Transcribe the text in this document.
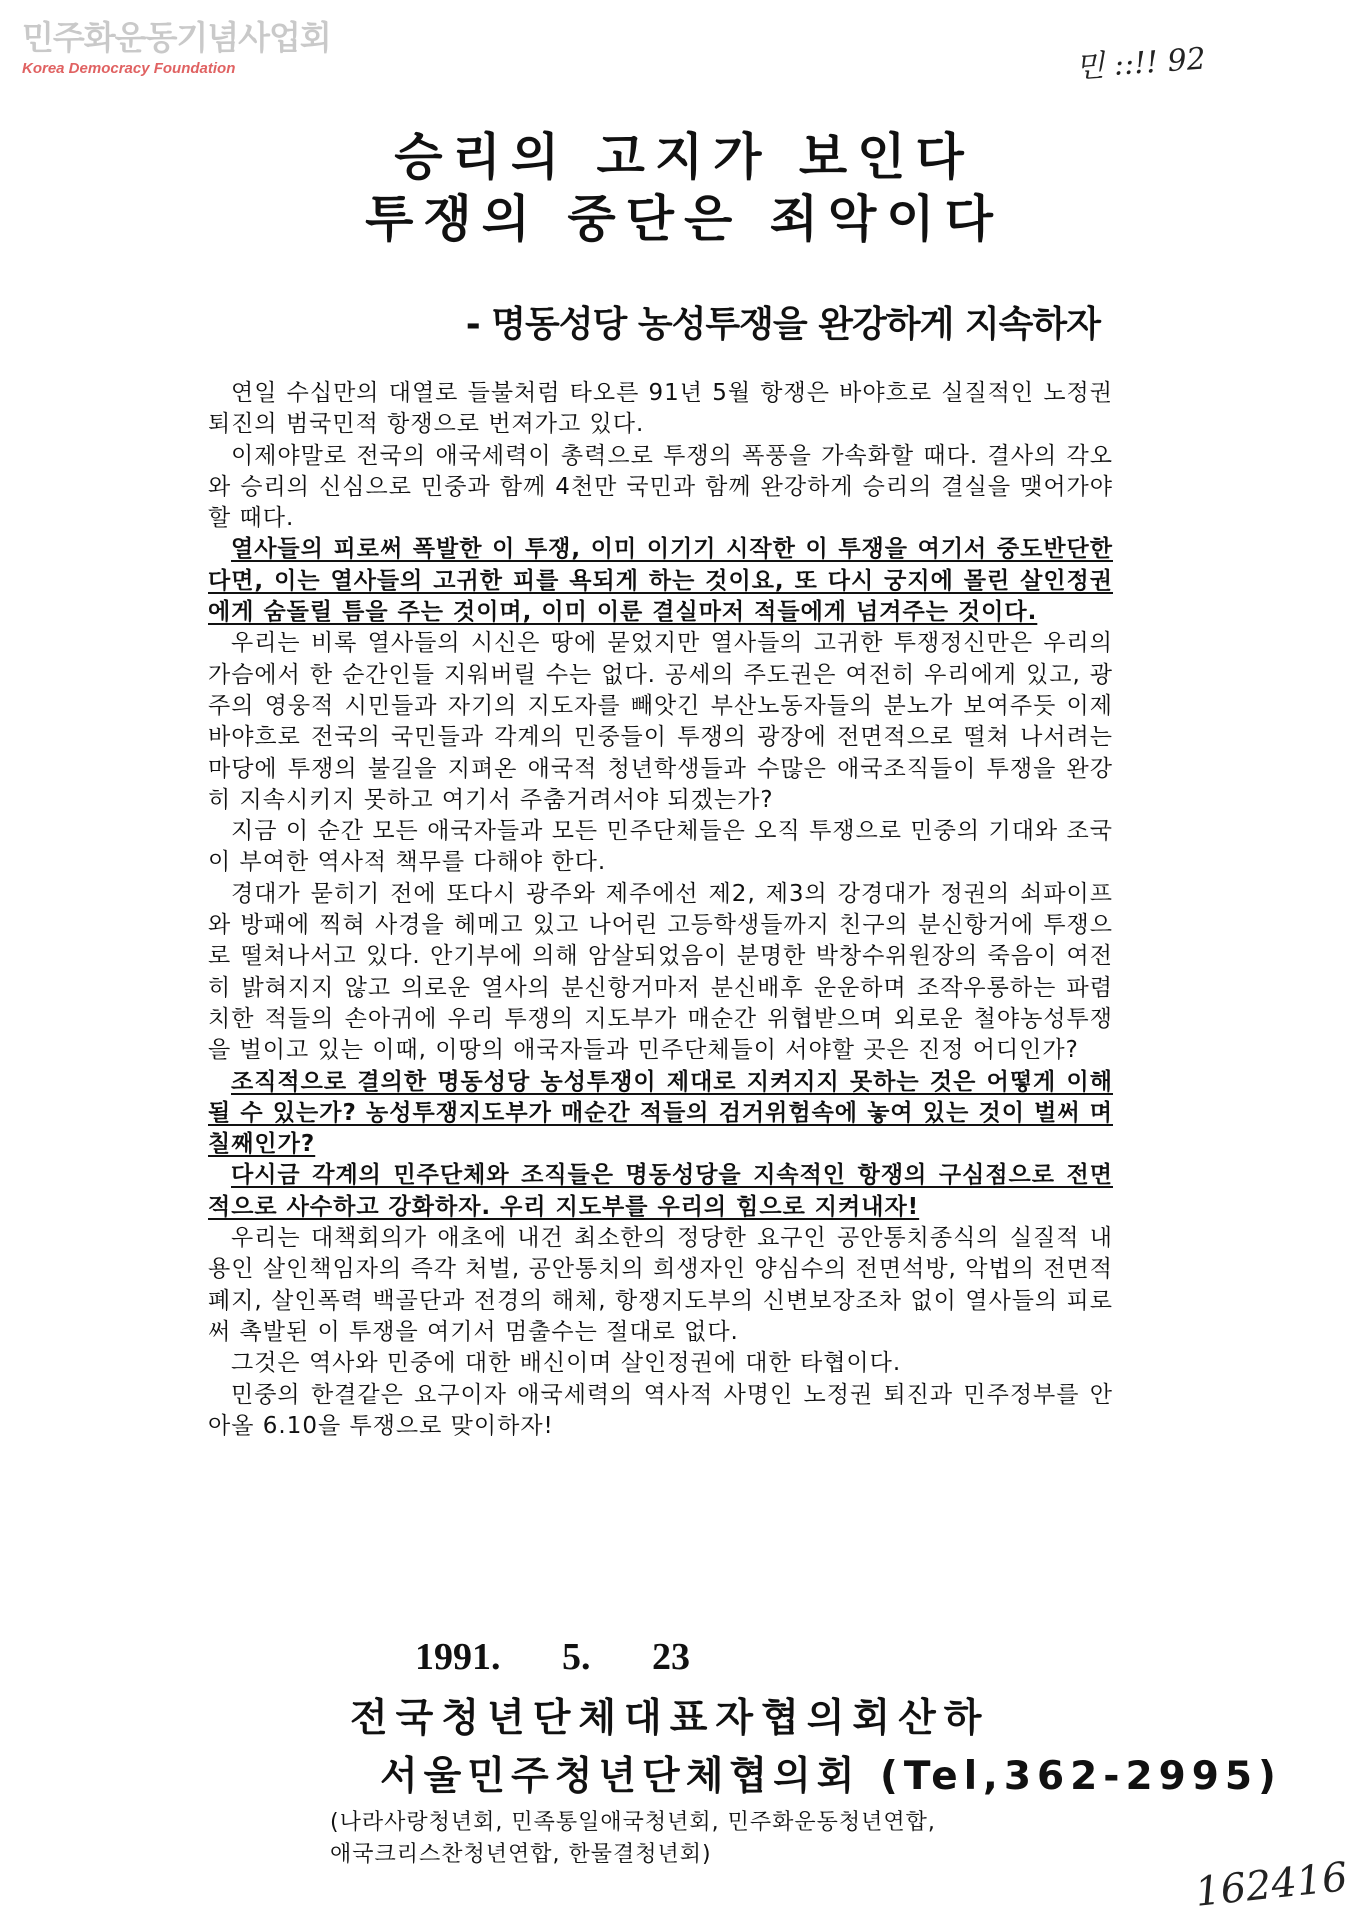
민주화운동기념사업회
Korea Democracy Foundation	민 ::!! 92
승리의 고지가 보인다
투쟁의 중단은 죄악이다
- 명동성당 농성투쟁을 완강하게 지속하자

연일 수십만의 대열로 들불처럼 타오른 91년 5월 항쟁은 바야흐로 실질적인 노정권 퇴진의 범국민적 항쟁으로 번져가고 있다.

이제야말로 전국의 애국세력이 총력으로 투쟁의 폭풍을 가속화할 때다. 결사의 각오와 승리의 신심으로 민중과 함께 4천만 국민과 함께 완강하게 승리의 결실을 맺어가야 할 때다.

열사들의 피로써 폭발한 이 투쟁, 이미 이기기 시작한 이 투쟁을 여기서 중도반단한다면, 이는 열사들의 고귀한 피를 욕되게 하는 것이요, 또 다시 궁지에 몰린 살인정권에게 숨돌릴 틈을 주는 것이며, 이미 이룬 결실마저 적들에게 넘겨주는 것이다.

우리는 비록 열사들의 시신은 땅에 묻었지만 열사들의 고귀한 투쟁정신만은 우리의 가슴에서 한 순간인들 지워버릴 수는 없다. 공세의 주도권은 여전히 우리에게 있고, 광주의 영웅적 시민들과 자기의 지도자를 빼앗긴 부산노동자들의 분노가 보여주듯 이제 바야흐로 전국의 국민들과 각계의 민중들이 투쟁의 광장에 전면적으로 떨쳐 나서려는 마당에 투쟁의 불길을 지펴온 애국적 청년학생들과 수많은 애국조직들이 투쟁을 완강히 지속시키지 못하고 여기서 주춤거려서야 되겠는가?

지금 이 순간 모든 애국자들과 모든 민주단체들은 오직 투쟁으로 민중의 기대와 조국이 부여한 역사적 책무를 다해야 한다.

경대가 묻히기 전에 또다시 광주와 제주에선 제2, 제3의 강경대가 정권의 쇠파이프와 방패에 찍혀 사경을 헤메고 있고 나어린 고등학생들까지 친구의 분신항거에 투쟁으로 떨쳐나서고 있다. 안기부에 의해 암살되었음이 분명한 박창수위원장의 죽음이 여전히 밝혀지지 않고 의로운 열사의 분신항거마저 분신배후 운운하며 조작우롱하는 파렴치한 적들의 손아귀에 우리 투쟁의 지도부가 매순간 위협받으며 외로운 철야농성투쟁을 벌이고 있는 이때, 이땅의 애국자들과 민주단체들이 서야할 곳은 진정 어디인가?

조직적으로 결의한 명동성당 농성투쟁이 제대로 지켜지지 못하는 것은 어떻게 이해될 수 있는가? 농성투쟁지도부가 매순간 적들의 검거위험속에 놓여 있는 것이 벌써 며칠째인가?

다시금 각계의 민주단체와 조직들은 명동성당을 지속적인 항쟁의 구심점으로 전면적으로 사수하고 강화하자. 우리 지도부를 우리의 힘으로 지켜내자!

우리는 대책회의가 애초에 내건 최소한의 정당한 요구인 공안통치종식의 실질적 내용인 살인책임자의 즉각 처벌, 공안통치의 희생자인 양심수의 전면석방, 악법의 전면적 폐지, 살인폭력 백골단과 전경의 해체, 항쟁지도부의 신변보장조차 없이 열사들의 피로써 촉발된 이 투쟁을 여기서 멈출수는 절대로 없다.

그것은 역사와 민중에 대한 배신이며 살인정권에 대한 타협이다.

민중의 한결같은 요구이자 애국세력의 역사적 사명인 노정권 퇴진과 민주정부를 안아올 6.10을 투쟁으로 맞이하자!

1991. 5. 23
전국청년단체대표자협의회산하
서울민주청년단체협의회 (Tel,362-2995)
(나라사랑청년회, 민족통일애국청년회, 민주화운동청년연합,
애국크리스찬청년연합, 한물결청년회)	162416
